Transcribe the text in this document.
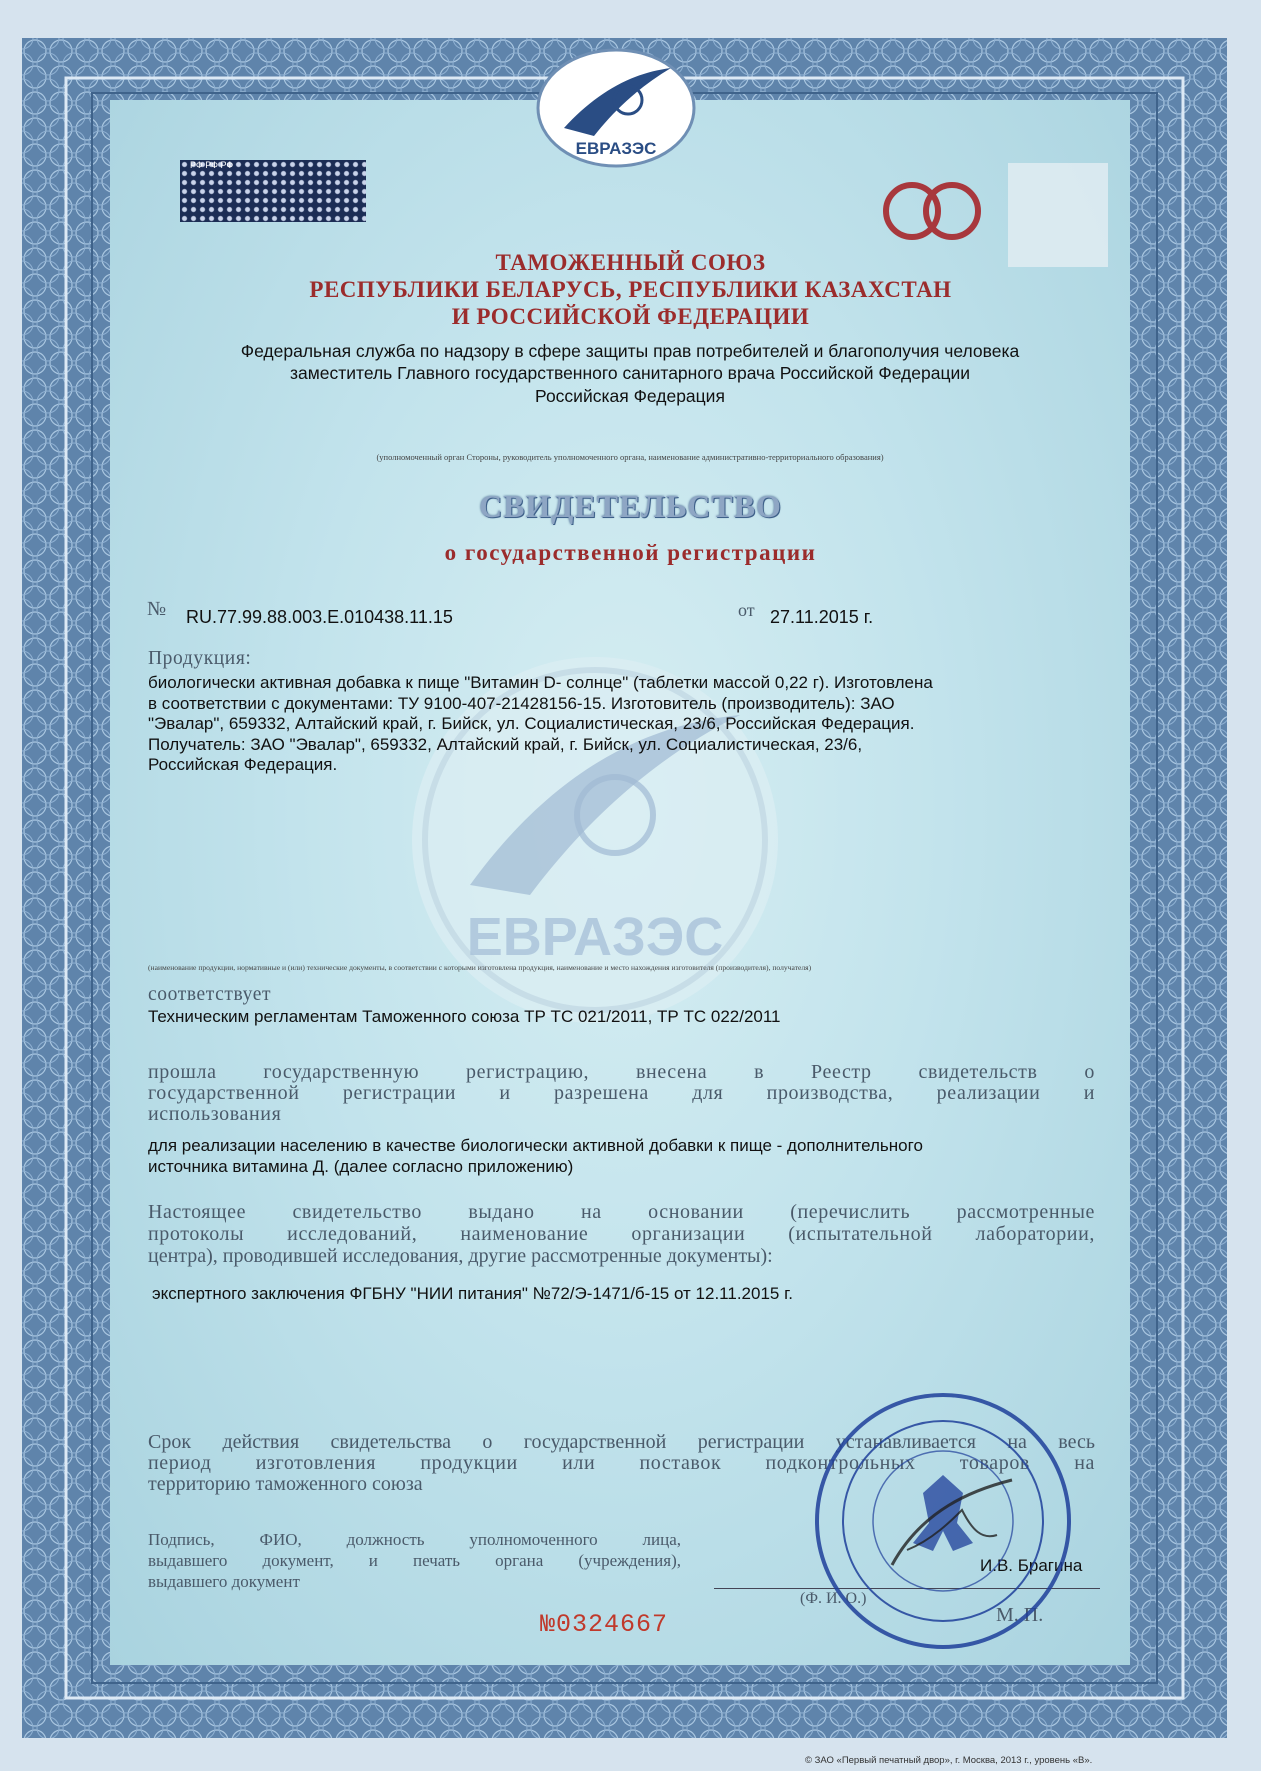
ЕВРАЗЭС
ЕВРАЗЭС
РФ РФ РФ
СЭ
ТАМОЖЕННЫЙ СОЮЗ
РЕСПУБЛИКИ БЕЛАРУСЬ, РЕСПУБЛИКИ КАЗАХСТАН
И РОССИЙСКОЙ ФЕДЕРАЦИИ
Федеральная служба по надзору в сфере защиты прав потребителей и благополучия человека
заместитель Главного государственного санитарного врача Российской Федерации
Российская Федерация
(уполномоченный орган Стороны, руководитель уполномоченного органа, наименование административно-территориального образования)
СВИДЕТЕЛЬСТВО
о государственной регистрации
№ RU.77.99.88.003.Е.010438.11.15	от 27.11.2015 г.
Продукция:
биологически активная добавка к пище "Витамин D- солнце" (таблетки массой 0,22 г). Изготовлена
в соответствии с документами: ТУ 9100-407-21428156-15. Изготовитель (производитель): ЗАО
"Эвалар", 659332, Алтайский край, г. Бийск, ул. Социалистическая, 23/6, Российская Федерация.
Получатель: ЗАО "Эвалар", 659332, Алтайский край, г. Бийск, ул. Социалистическая, 23/6,
Российская Федерация.
(наименование продукции, нормативные и (или) технические документы, в соответствии с которыми изготовлена продукция, наименование и место нахождения изготовителя (производителя), получателя)
соответствует
Техническим регламентам Таможенного союза ТР ТС 021/2011, ТР ТС 022/2011
прошла государственную регистрацию, внесена в Реестр свидетельств о
государственной регистрации и разрешена для производства, реализации и
использования
для реализации населению в качестве биологически активной добавки к пище - дополнительного
источника витамина Д. (далее согласно приложению)
Настоящее свидетельство выдано на основании (перечислить рассмотренные
протоколы исследований, наименование организации (испытательной лаборатории,
центра), проводившей исследования, другие рассмотренные документы):
экспертного заключения ФГБНУ "НИИ питания" №72/Э-1471/б-15 от 12.11.2015 г.
Срок действия свидетельства о государственной регистрации устанавливается на весь
период изготовления продукции или поставок подконтрольных товаров на
территорию таможенного союза
Подпись, ФИО, должность уполномоченного лица,
выдавшего документ, и печать органа (учреждения),
выдавшего документ
(Ф. И. О.)
И.В. Брагина
М. П.
№0324667
© ЗАО «Первый печатный двор», г. Москва, 2013 г., уровень «В».
